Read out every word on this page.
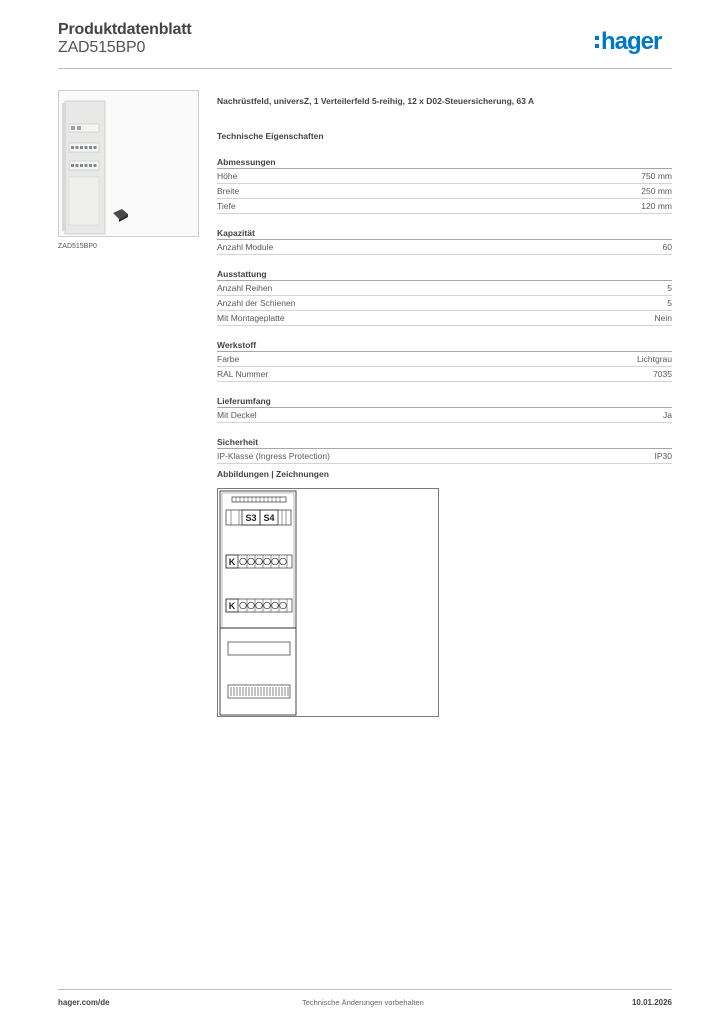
Produktdatenblatt
ZAD515BP0	hager
ZAD515BP0
Nachrüstfeld, universZ, 1 Verteilerfeld 5-reihig, 12 x D02-Steuersicherung, 63 A
Technische Eigenschaften
Abmessungen
Höhe	750 mm
Breite	250 mm
Tiefe	120 mm
Kapazität
Anzahl Module	60
Ausstattung
Anzahl Reihen	5
Anzahl der Schienen	5
Mit Montageplatte	Nein
Werkstoff
Farbe	Lichtgrau
RAL Nummer	7035
Lieferumfang
Mit Deckel	Ja
Sicherheit
IP-Klasse (Ingress Protection)	IP30
Abbildungen | Zeichnungen
S3 S4
K
K
hager.com/de	Technische Änderungen vorbehalten	10.01.2026
